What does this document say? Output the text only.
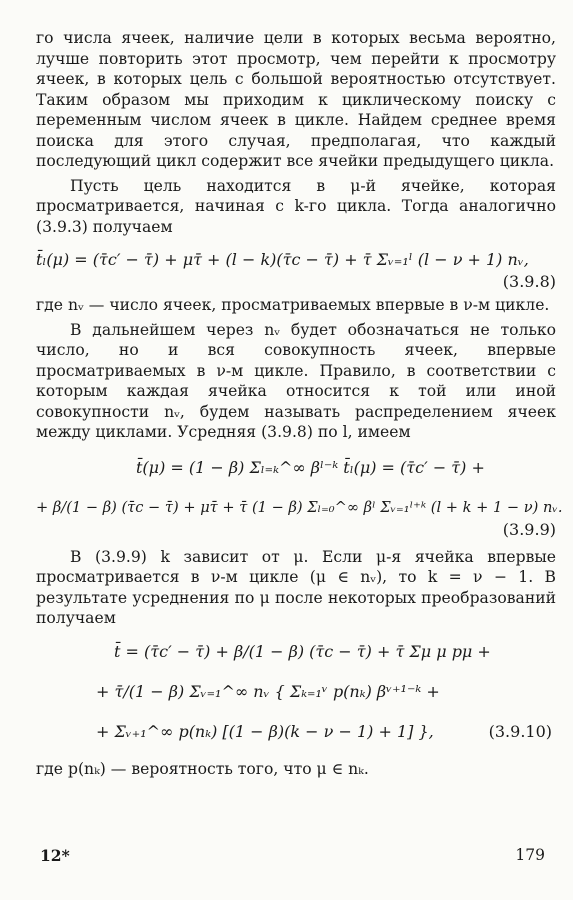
го числа ячеек, наличие цели в которых весьма вероятно, лучше повторить этот просмотр, чем перейти к просмотру ячеек, в которых цель с большой вероятностью отсутствует. Таким образом мы приходим к циклическому поиску с переменным числом ячеек в цикле. Найдем среднее время поиска для этого случая, предполагая, что каждый последующий цикл содержит все ячейки предыдущего цикла.

Пусть цель находится в μ-й ячейке, которая просматривается, начиная с k-го цикла. Тогда аналогично (3.9.3) получаем

t̄ₗ(μ) = (τ̄c′ − τ̄) + μτ̄ + (l − k)(τ̄c − τ̄) + τ̄ Σᵥ₌₁ˡ (l − ν + 1) nᵥ,
(3.9.8)

где nᵥ — число ячеек, просматриваемых впервые в ν-м цикле.

В дальнейшем через nᵥ будет обозначаться не только число, но и вся совокупность ячеек, впервые просматриваемых в ν-м цикле. Правило, в соответствии с которым каждая ячейка относится к той или иной совокупности nᵥ, будем называть распределением ячеек между циклами. Усредняя (3.9.8) по l, имеем

t̄(μ) = (1 − β) Σₗ₌ₖ^∞ βˡ⁻ᵏ t̄ₗ(μ) = (τ̄c′ − τ̄) +
+ β/(1 − β) (τ̄c − τ̄) + μτ̄ + τ̄ (1 − β) Σₗ₌₀^∞ βˡ Σᵥ₌₁ˡ⁺ᵏ (l + k + 1 − ν) nᵥ.
(3.9.9)

В (3.9.9) k зависит от μ. Если μ-я ячейка впервые просматривается в ν-м цикле (μ ∈ nᵥ), то k = ν − 1. В результате усреднения по μ после некоторых преобразований получаем

t̄ = (τ̄c′ − τ̄) + β/(1 − β) (τ̄c − τ̄) + τ̄ Σμ μ pμ +
+ τ̄/(1 − β) Σᵥ₌₁^∞ nᵥ { Σₖ₌₁ᵛ p(nₖ) βᵛ⁺¹⁻ᵏ +
+ Σᵥ₊₁^∞ p(nₖ) [(1 − β)(k − ν − 1) + 1] },	(3.9.10)

где p(nₖ) — вероятность того, что μ ∈ nₖ.

12*	179
